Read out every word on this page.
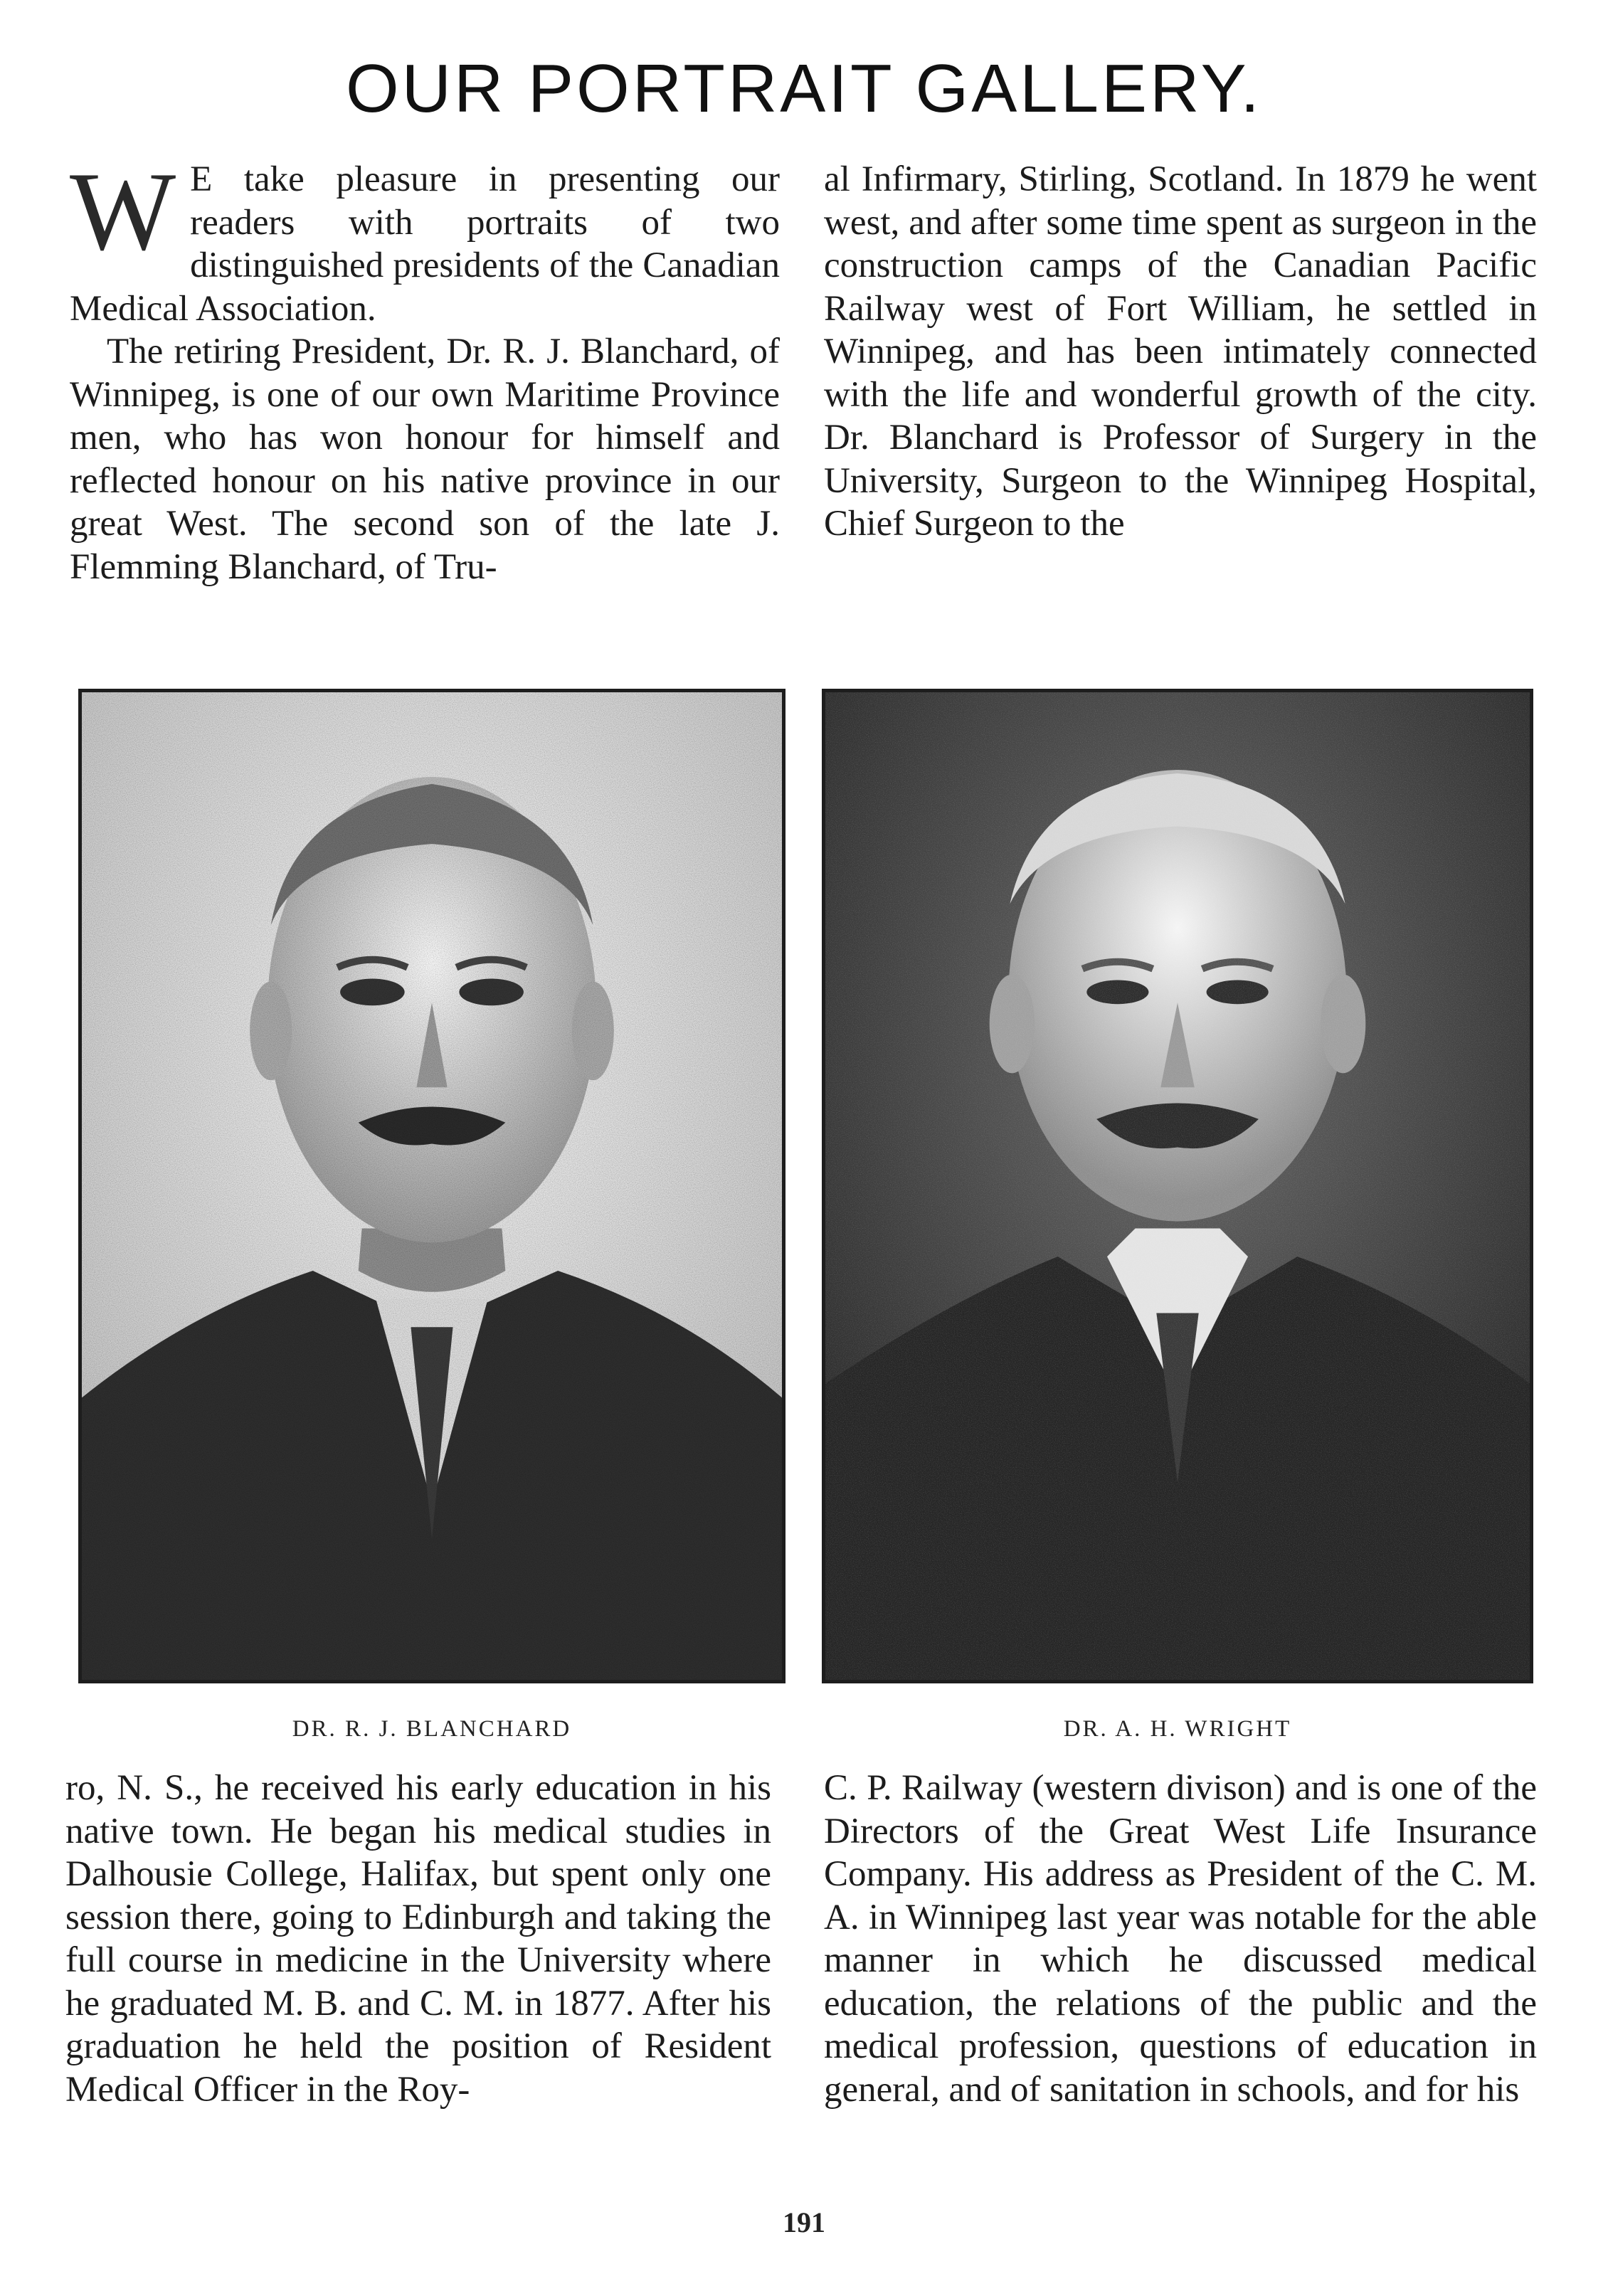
OUR PORTRAIT GALLERY.

W E take pleasure in presenting our readers with portraits of two distinguished presidents of the Canadian Medical Association.

The retiring President, Dr. R. J. Blanchard, of Winnipeg, is one of our own Maritime Province men, who has won honour for himself and reflected honour on his native province in our great West. The second son of the late J. Flemming Blanchard, of Tru-

al Infirmary, Stirling, Scotland. In 1879 he went west, and after some time spent as surgeon in the construction camps of the Canadian Pacific Railway west of Fort William, he settled in Winnipeg, and has been intimately connected with the life and wonderful growth of the city. Dr. Blanchard is Professor of Surgery in the University, Surgeon to the Winnipeg Hospital, Chief Surgeon to the

DR. R. J. BLANCHARD	DR. A. H. WRIGHT

ro, N. S., he received his early education in his native town. He began his medical studies in Dalhousie College, Halifax, but spent only one session there, going to Edinburgh and taking the full course in medicine in the University where he graduated M. B. and C. M. in 1877. After his graduation he held the position of Resident Medical Officer in the Roy-

C. P. Railway (western divison) and is one of the Directors of the Great West Life Insurance Company. His address as President of the C. M. A. in Winnipeg last year was notable for the able manner in which he discussed medical education, the relations of the public and the medical profession, questions of education in general, and of sanitation in schools, and for his

191
